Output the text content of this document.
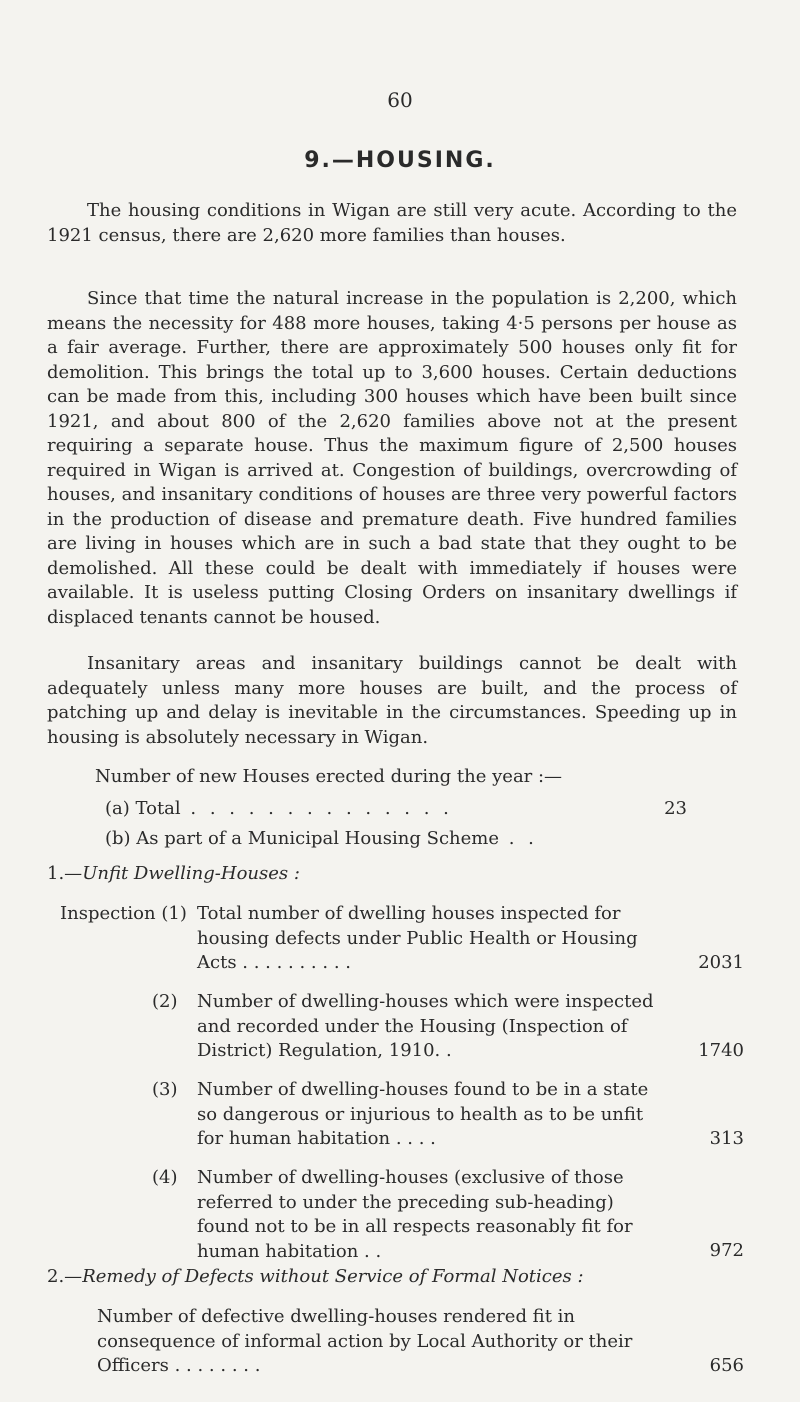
60
9.—HOUSING.

The housing conditions in Wigan are still very acute. According to the 1921 census, there are 2,620 more families than houses.

Since that time the natural increase in the population is 2,200, which means the necessity for 488 more houses, taking 4·5 persons per house as a fair average. Further, there are approximately 500 houses only fit for demolition. This brings the total up to 3,600 houses. Certain deductions can be made from this, including 300 houses which have been built since 1921, and about 800 of the 2,620 families above not at the present requiring a separate house. Thus the maximum figure of 2,500 houses required in Wigan is arrived at. Congestion of buildings, overcrowding of houses, and insanitary conditions of houses are three very powerful factors in the production of disease and premature death. Five hundred families are living in houses which are in such a bad state that they ought to be demolished. All these could be dealt with immediately if houses were available. It is useless putting Closing Orders on insanitary dwellings if displaced tenants cannot be housed.

Insanitary areas and insanitary buildings cannot be dealt with adequately unless many more houses are built, and the process of patching up and delay is inevitable in the circumstances. Speeding up in housing is absolutely necessary in Wigan.

Number of new Houses erected during the year :—
(a) Total . . . . . . . . . . . . . .	23
(b) As part of a Municipal Housing Scheme . .
1.—Unfit Dwelling-Houses :
Inspection (1) Total number of dwelling houses inspected for housing defects under Public Health or Housing Acts . . . . . . . . . .	2031
(2) Number of dwelling-houses which were inspected and recorded under the Housing (Inspection of District) Regulation, 1910. .	1740
(3) Number of dwelling-houses found to be in a state so dangerous or injurious to health as to be unfit for human habitation . . . .	313
(4) Number of dwelling-houses (exclusive of those referred to under the preceding sub-heading) found not to be in all respects reasonably fit for human habitation . .	972
2.—Remedy of Defects without Service of Formal Notices :
Number of defective dwelling-houses rendered fit in consequence of informal action by Local Authority or their Officers . . . . . . . .	656
